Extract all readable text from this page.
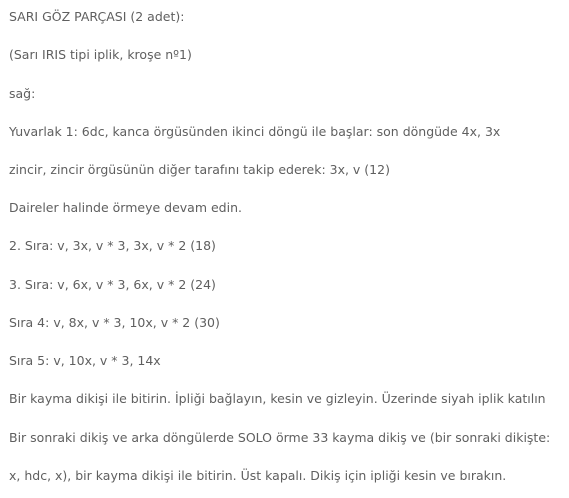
SARI GÖZ PARÇASI (2 adet):

(Sarı IRIS tipi iplik, kroşe nº1)

sağ:

Yuvarlak 1: 6dc, kanca örgüsünden ikinci döngü ile başlar: son döngüde 4x, 3x

zincir, zincir örgüsünün diğer tarafını takip ederek: 3x, v (12)

Daireler halinde örmeye devam edin.

2. Sıra: v, 3x, v * 3, 3x, v * 2 (18)

3. Sıra: v, 6x, v * 3, 6x, v * 2 (24)

Sıra 4: v, 8x, v * 3, 10x, v * 2 (30)

Sıra 5: v, 10x, v * 3, 14x

Bir kayma dikişi ile bitirin. İpliği bağlayın, kesin ve gizleyin. Üzerinde siyah iplik katılın

Bir sonraki dikiş ve arka döngülerde SOLO örme 33 kayma dikiş ve (bir sonraki dikişte:

x, hdc, x), bir kayma dikişi ile bitirin. Üst kapalı. Dikiş için ipliği kesin ve bırakın.
